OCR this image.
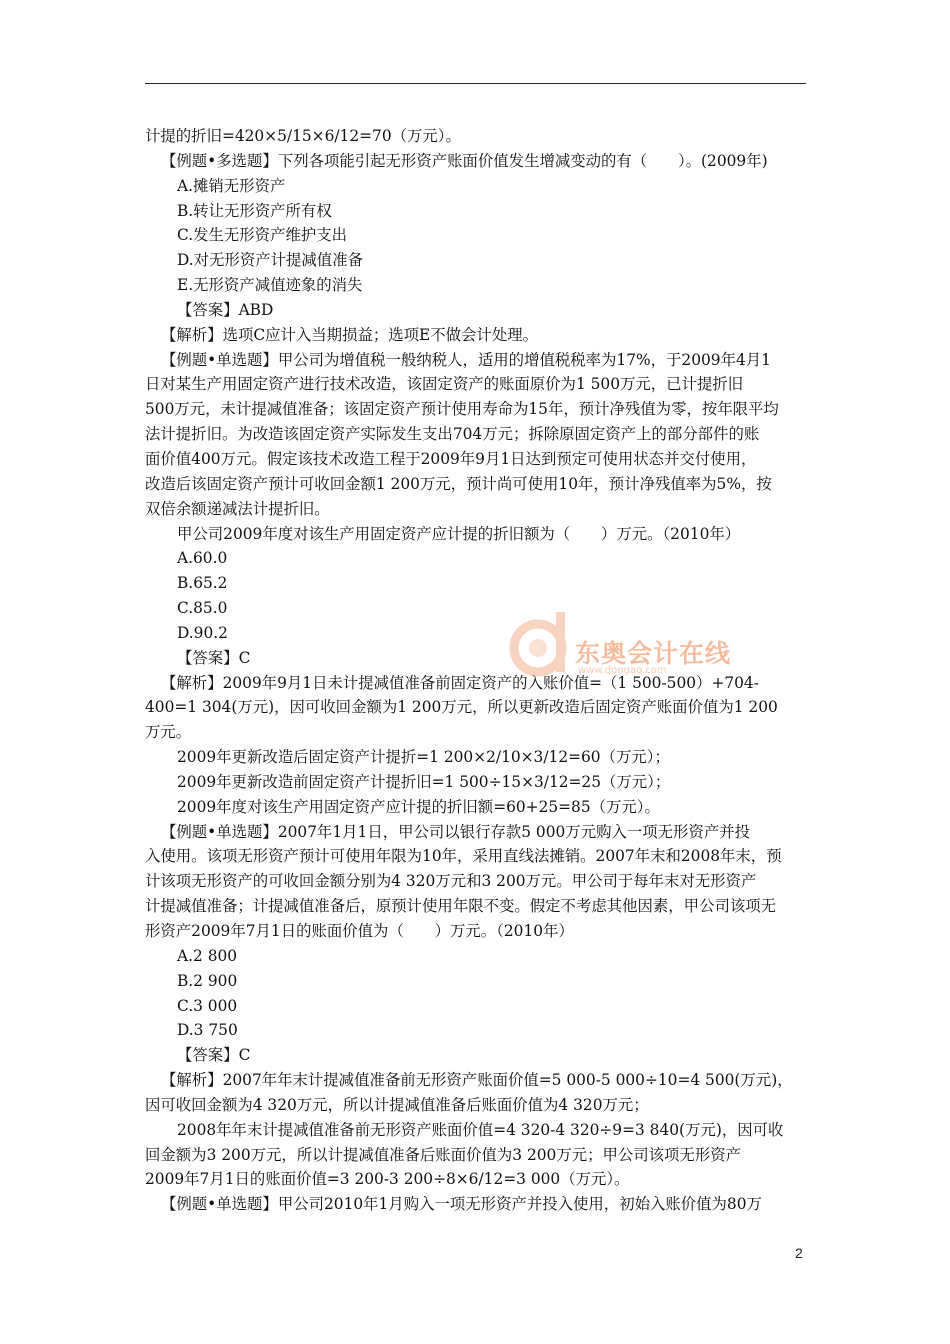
计提的折旧=420×5/15×6/12=70（万元）。
【例题•多选题】下列各项能引起无形资产账面价值发生增减变动的有（　　）。(2009年)
A.摊销无形资产
B.转让无形资产所有权
C.发生无形资产维护支出
D.对无形资产计提减值准备
E.无形资产减值迹象的消失
【答案】ABD
【解析】选项C应计入当期损益；选项E不做会计处理。
【例题•单选题】甲公司为增值税一般纳税人，适用的增值税税率为17%，于2009年4月1
日对某生产用固定资产进行技术改造，该固定资产的账面原价为1 500万元，已计提折旧
500万元，未计提减值准备；该固定资产预计使用寿命为15年，预计净残值为零，按年限平均
法计提折旧。为改造该固定资产实际发生支出704万元；拆除原固定资产上的部分部件的账
面价值400万元。假定该技术改造工程于2009年9月1日达到预定可使用状态并交付使用，
改造后该固定资产预计可收回金额1 200万元，预计尚可使用10年，预计净残值率为5%，按
双倍余额递减法计提折旧。
甲公司2009年度对该生产用固定资产应计提的折旧额为（　　）万元。（2010年）
A.60.0
B.65.2
C.85.0
D.90.2
【答案】C
【解析】2009年9月1日未计提减值准备前固定资产的入账价值=（1 500-500）+704-
400=1 304(万元)，因可收回金额为1 200万元，所以更新改造后固定资产账面价值为1 200
万元。
2009年更新改造后固定资产计提折=1 200×2/10×3/12=60（万元）；
2009年更新改造前固定资产计提折旧=1 500÷15×3/12=25（万元）；
2009年度对该生产用固定资产应计提的折旧额=60+25=85（万元）。
【例题•单选题】2007年1月1日，甲公司以银行存款5 000万元购入一项无形资产并投
入使用。该项无形资产预计可使用年限为10年，采用直线法摊销。2007年末和2008年末，预
计该项无形资产的可收回金额分别为4 320万元和3 200万元。甲公司于每年末对无形资产
计提减值准备；计提减值准备后，原预计使用年限不变。假定不考虑其他因素，甲公司该项无
形资产2009年7月1日的账面价值为（　　）万元。（2010年）
A.2 800
B.2 900
C.3 000
D.3 750
【答案】C
【解析】2007年年末计提减值准备前无形资产账面价值=5 000-5 000÷10=4 500(万元)，
因可收回金额为4 320万元，所以计提减值准备后账面价值为4 320万元；
2008年年末计提减值准备前无形资产账面价值=4 320-4 320÷9=3 840(万元)，因可收
回金额为3 200万元，所以计提减值准备后账面价值为3 200万元；甲公司该项无形资产
2009年7月1日的账面价值=3 200-3 200÷8×6/12=3 000（万元）。
【例题•单选题】甲公司2010年1月购入一项无形资产并投入使用，初始入账价值为80万
东奥会计在线
www.dongao.com
2
